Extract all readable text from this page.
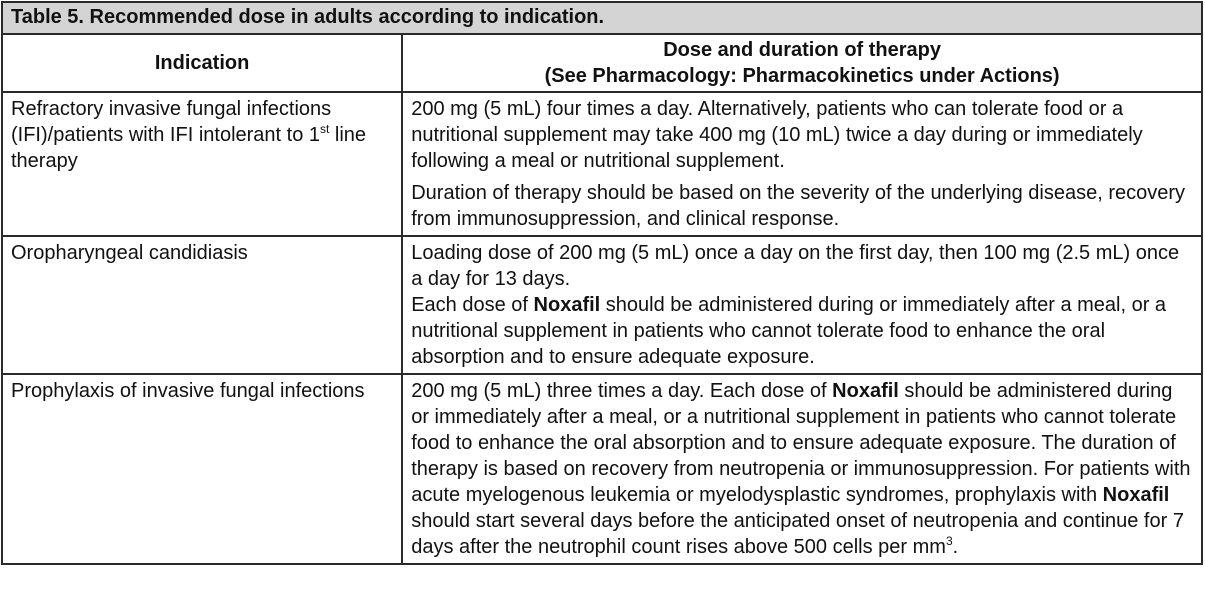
Table 5. Recommended dose in adults according to indication.	
Indication	Dose and duration of therapy
(See Pharmacology: Pharmacokinetics under Actions)

Refractory invasive fungal infections (IFI)/patients with IFI intolerant to 1st line therapy	200 mg (5 mL) four times a day. Alternatively, patients who can tolerate food or a nutritional supplement may take 400 mg (10 mL) twice a day during or immediately following a meal or nutritional supplement.
Duration of therapy should be based on the severity of the underlying disease, recovery from immunosuppression, and clinical response.

Oropharyngeal candidiasis	Loading dose of 200 mg (5 mL) once a day on the first day, then 100 mg (2.5 mL) once a day for 13 days.
Each dose of Noxafil should be administered during or immediately after a meal, or a nutritional supplement in patients who cannot tolerate food to enhance the oral absorption and to ensure adequate exposure.

Prophylaxis of invasive fungal infections	200 mg (5 mL) three times a day. Each dose of Noxafil should be administered during or immediately after a meal, or a nutritional supplement in patients who cannot tolerate food to enhance the oral absorption and to ensure adequate exposure. The duration of therapy is based on recovery from neutropenia or immunosuppression. For patients with acute myelogenous leukemia or myelodysplastic syndromes, prophylaxis with Noxafil should start several days before the anticipated onset of neutropenia and continue for 7 days after the neutrophil count rises above 500 cells per $mm^3$.
